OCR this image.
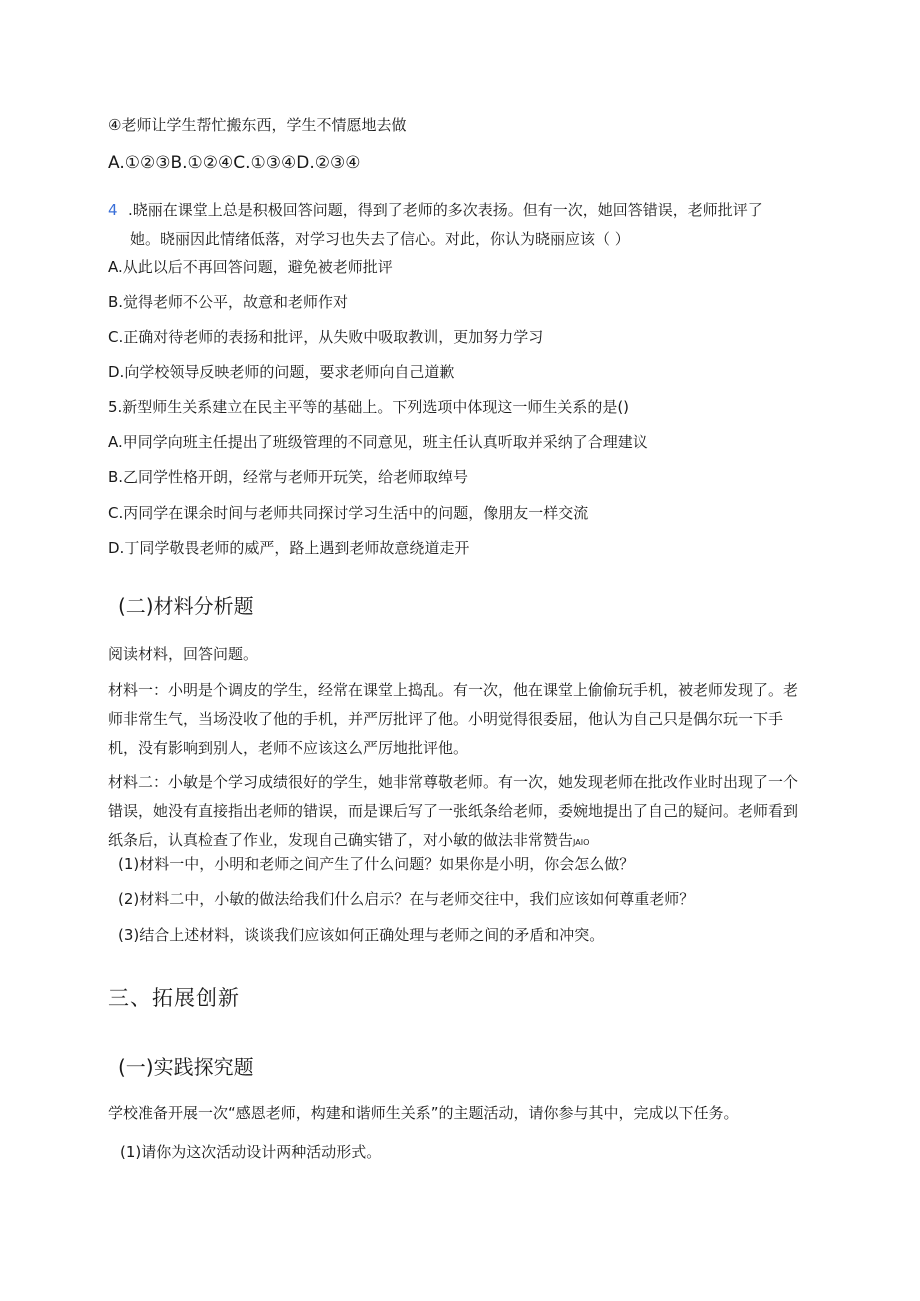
④老师让学生帮忙搬东西，学生不情愿地去做
A.①②③B.①②④C.①③④D.②③④
4 .晓丽在课堂上总是积极回答问题，得到了老师的多次表扬。但有一次，她回答错误，老师批评了
她。晓丽因此情绪低落，对学习也失去了信心。对此，你认为晓丽应该（ ）
A.从此以后不再回答问题，避免被老师批评
B.觉得老师不公平，故意和老师作对
C.正确对待老师的表扬和批评，从失败中吸取教训，更加努力学习
D.向学校领导反映老师的问题，要求老师向自己道歉
5.新型师生关系建立在民主平等的基础上。下列选项中体现这一师生关系的是()
A.甲同学向班主任提出了班级管理的不同意见，班主任认真听取并采纳了合理建议
B.乙同学性格开朗，经常与老师开玩笑，给老师取绰号
C.丙同学在课余时间与老师共同探讨学习生活中的问题，像朋友一样交流
D.丁同学敬畏老师的威严，路上遇到老师故意绕道走开
(二)材料分析题
阅读材料，回答问题。
材料一：小明是个调皮的学生，经常在课堂上捣乱。有一次，他在课堂上偷偷玩手机，被老师发现了。老师非常生气，当场没收了他的手机，并严厉批评了他。小明觉得很委屈，他认为自己只是偶尔玩一下手机，没有影响到别人，老师不应该这么严厉地批评他。
材料二：小敏是个学习成绩很好的学生，她非常尊敬老师。有一次，她发现老师在批改作业时出现了一个错误，她没有直接指出老师的错误，而是课后写了一张纸条给老师，委婉地提出了自己的疑问。老师看到纸条后，认真检查了作业，发现自己确实错了，对小敏的做法非常赞告JAIO
(1)材料一中，小明和老师之间产生了什么问题？如果你是小明，你会怎么做？
(2)材料二中，小敏的做法给我们什么启示？在与老师交往中，我们应该如何尊重老师？
(3)结合上述材料，谈谈我们应该如何正确处理与老师之间的矛盾和冲突。
三、拓展创新
(一)实践探究题
学校准备开展一次“感恩老师，构建和谐师生关系”的主题活动，请你参与其中，完成以下任务。
(1)请你为这次活动设计两种活动形式。
